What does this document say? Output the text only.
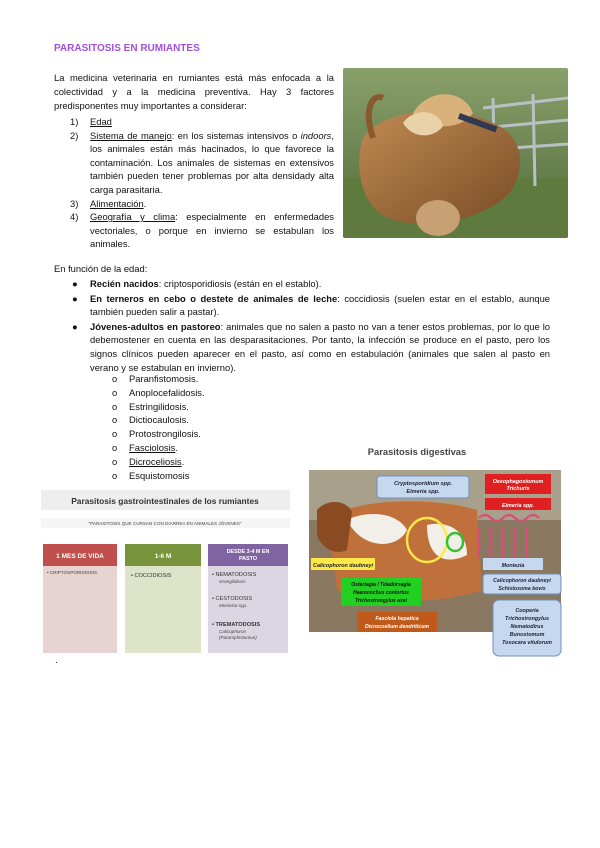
PARASITOSIS EN RUMIANTES
La medicina veterinaria en rumiantes está más enfocada a la colectividad y a la medicina preventiva. Hay 3 factores predisponentes muy importantes a considerar:
1) Edad
2) Sistema de manejo: en los sistemas intensivos o indoors, los animales están más hacinados, lo que favorece la contaminación. Los animales de sistemas en extensivos también pueden tener problemas por alta densidady alta carga parasitaria.
3) Alimentación.
4) Geografía y clima: especialmente en enfermedades vectoriales, o porque en invierno se estabulan los animales.
En función de la edad:
● Recién nacidos: criptosporidiosis (están en el establo).
● En terneros en cebo o destete de animales de leche: coccidiosis (suelen estar en el establo, aunque también pueden salir a pastar).
● Jóvenes-adultos en pastoreo: animales que no salen a pasto no van a tener estos problemas, por lo que lo debemostener en cuenta en las desparasitaciones. Por tanto, la infección se produce en el pasto, pero los signos clínicos pueden aparecer en el pasto, así como en estabulación (animales que salen al pasto en verano y se estabulan en invierno).
o Paranfistomosis.
o Anoplocefalidosis.
o Estringilidosis.
o Dictiocaulosis.
o Protostrongilosis.
o Fasciolosis.
o Dicroceliosis.
o Esquistomosis
Parasitosis gastrointestinales de los rumiantes
"PARASITOSIS QUE CURSAN CON DIARREA EN ANIMALES JÓVENES"
1 MES DE VIDA
• CRIPTOSPORIDIOSIS
1-6 M
• COCCIDIOSIS
DESDE 3-4 M EN PASTO
• NEMATODOSIS
strongilidosis
• CESTODOSIS
Moniezia spp.
• TREMATODOSIS
Calicophoron (Paramphistomun)
Parasitosis digestivas
Cryptosporidium spp.
Eimeria spp.
Oesophagostomum
Trichuris
Eimeria spp.
Calicophoron daubneyi	Moniezia
Calicophoron daubneyi
Schistosoma bovis
Ostertagia / Teladorsagia
Haemonchus contortus
Trichostrongylus axei
Fasciola hepatica
Dicrocoelium dendriticum
Cooperia
Trichostrongylus
Nematodirus
Bunostomum
Toxocara vitulorum
.
